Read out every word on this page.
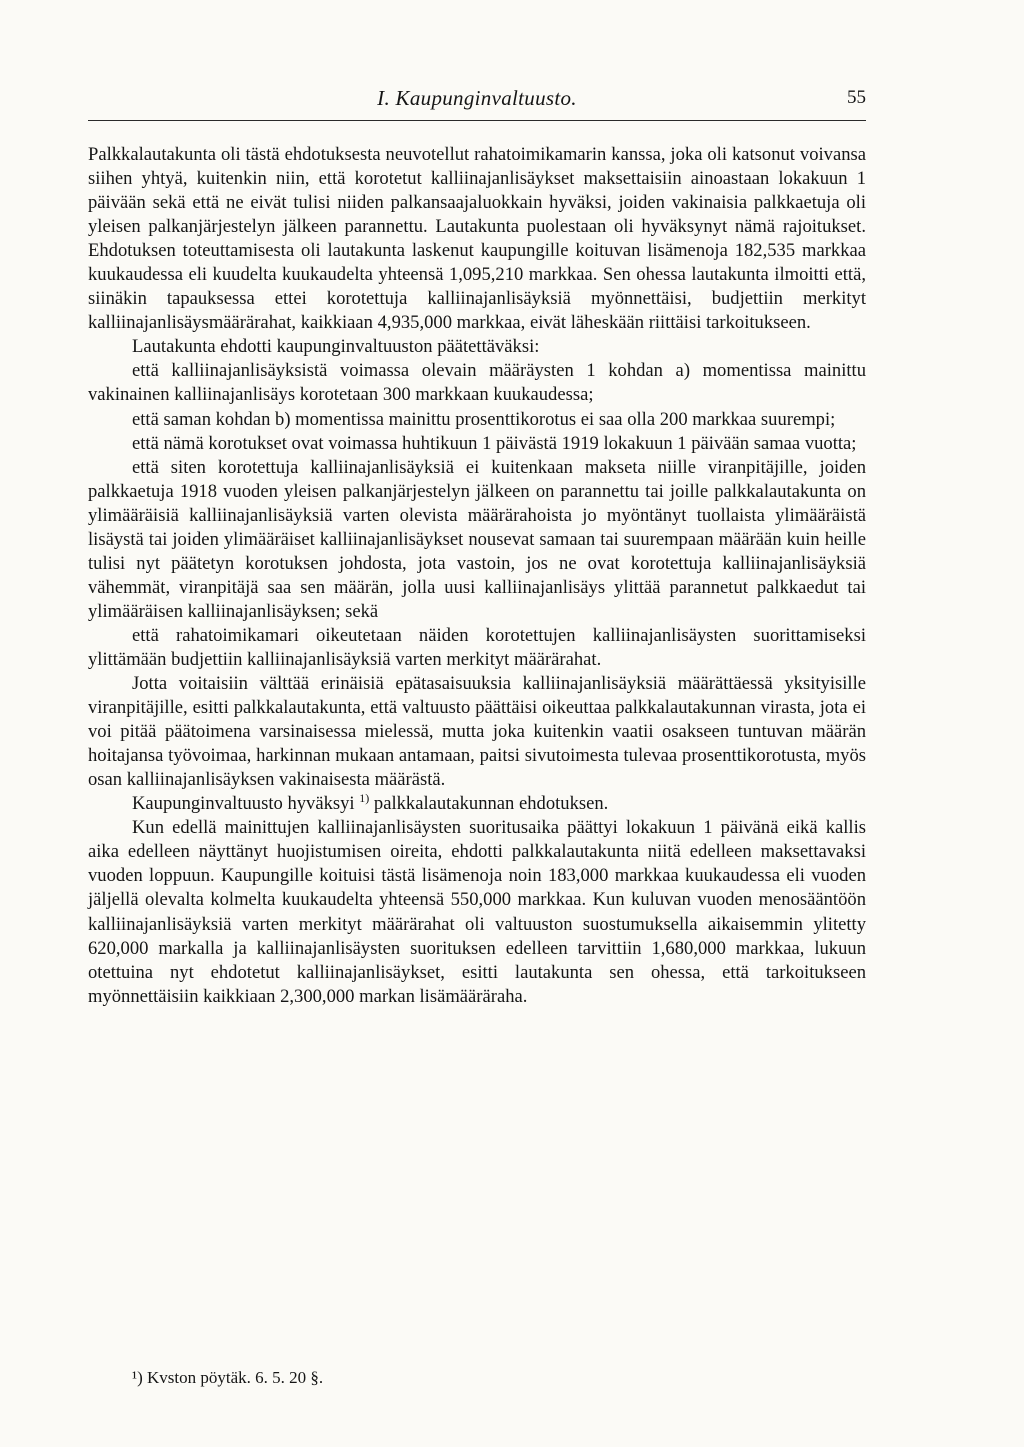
I. Kaupunginvaltuusto.	55

Palkkalautakunta oli tästä ehdotuksesta neuvotellut rahatoimikamarin kanssa, joka oli katsonut voivansa siihen yhtyä, kuitenkin niin, että korotetut kalliinajanlisäykset maksettaisiin ainoastaan lokakuun 1 päivään sekä että ne eivät tulisi niiden palkansaajaluokkain hyväksi, joiden vakinaisia palkkaetuja oli yleisen palkanjärjestelyn jälkeen parannettu. Lautakunta puolestaan oli hyväksynyt nämä rajoitukset. Ehdotuksen toteuttamisesta oli lautakunta laskenut kaupungille koituvan lisämenoja 182,535 markkaa kuukaudessa eli kuudelta kuukaudelta yhteensä 1,095,210 markkaa. Sen ohessa lautakunta ilmoitti että, siinäkin tapauksessa ettei korotettuja kalliinajanlisäyksiä myönnettäisi, budjettiin merkityt kalliinajanlisäysmäärärahat, kaikkiaan 4,935,000 markkaa, eivät läheskään riittäisi tarkoitukseen.

Lautakunta ehdotti kaupunginvaltuuston päätettäväksi:

että kalliinajanlisäyksistä voimassa olevain määräysten 1 kohdan a) momentissa mainittu vakinainen kalliinajanlisäys korotetaan 300 markkaan kuukaudessa;

että saman kohdan b) momentissa mainittu prosenttikorotus ei saa olla 200 markkaa suurempi;

että nämä korotukset ovat voimassa huhtikuun 1 päivästä 1919 lokakuun 1 päivään samaa vuotta;

että siten korotettuja kalliinajanlisäyksiä ei kuitenkaan makseta niille viranpitäjille, joiden palkkaetuja 1918 vuoden yleisen palkanjärjestelyn jälkeen on parannettu tai joille palkkalautakunta on ylimääräisiä kalliinajanlisäyksiä varten olevista määrärahoista jo myöntänyt tuollaista ylimääräistä lisäystä tai joiden ylimääräiset kalliinajanlisäykset nousevat samaan tai suurempaan määrään kuin heille tulisi nyt päätetyn korotuksen johdosta, jota vastoin, jos ne ovat korotettuja kalliinajanlisäyksiä vähemmät, viranpitäjä saa sen määrän, jolla uusi kalliinajanlisäys ylittää parannetut palkkaedut tai ylimääräisen kalliinajanlisäyksen; sekä

että rahatoimikamari oikeutetaan näiden korotettujen kalliinajanlisäysten suorittamiseksi ylittämään budjettiin kalliinajanlisäyksiä varten merkityt määrärahat.

Jotta voitaisiin välttää erinäisiä epätasaisuuksia kalliinajanlisäyksiä määrättäessä yksityisille viranpitäjille, esitti palkkalautakunta, että valtuusto päättäisi oikeuttaa palkkalautakunnan virasta, jota ei voi pitää päätoimena varsinaisessa mielessä, mutta joka kuitenkin vaatii osakseen tuntuvan määrän hoitajansa työvoimaa, harkinnan mukaan antamaan, paitsi sivutoimesta tulevaa prosenttikorotusta, myös osan kalliinajanlisäyksen vakinaisesta määrästä.

Kaupunginvaltuusto hyväksyi $^{1)}$ palkkalautakunnan ehdotuksen.

Kun edellä mainittujen kalliinajanlisäysten suoritusaika päättyi lokakuun 1 päivänä eikä kallis aika edelleen näyttänyt huojistumisen oireita, ehdotti palkkalautakunta niitä edelleen maksettavaksi vuoden loppuun. Kaupungille koituisi tästä lisämenoja noin 183,000 markkaa kuukaudessa eli vuoden jäljellä olevalta kolmelta kuukaudelta yhteensä 550,000 markkaa. Kun kuluvan vuoden menosääntöön kalliinajanlisäyksiä varten merkityt määrärahat oli valtuuston suostumuksella aikaisemmin ylitetty 620,000 markalla ja kalliinajanlisäysten suorituksen edelleen tarvittiin 1,680,000 markkaa, lukuun otettuina nyt ehdotetut kalliinajanlisäykset, esitti lautakunta sen ohessa, että tarkoitukseen myönnettäisiin kaikkiaan 2,300,000 markan lisämääräraha.

¹) Kvston pöytäk. 6. 5. 20 §.
